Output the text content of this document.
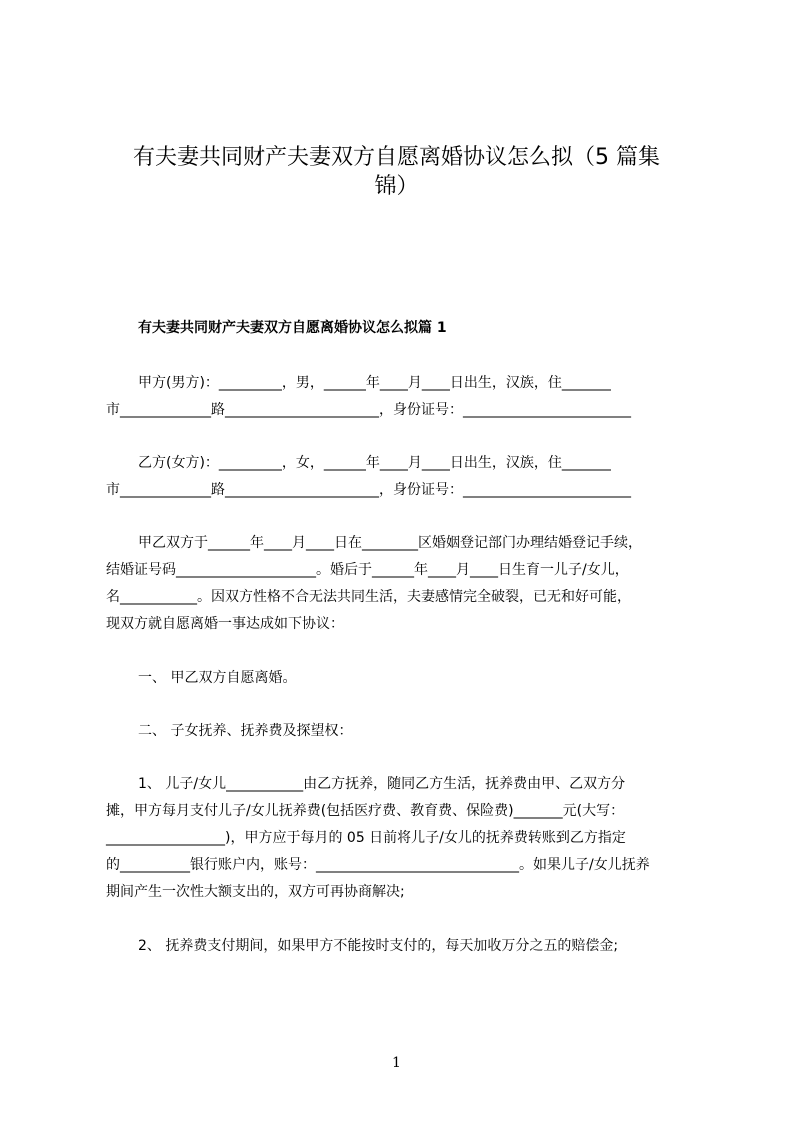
有夫妻共同财产夫妻双方自愿离婚协议怎么拟（5 篇集
锦）
有夫妻共同财产夫妻双方自愿离婚协议怎么拟篇 1
甲方(男方)：_________，男，______年____月____日出生，汉族，住_______
市_____________路______________________，身份证号：________________________
乙方(女方)：_________，女，______年____月____日出生，汉族，住_______
市_____________路______________________，身份证号：________________________
甲乙双方于______年____月____日在________区婚姻登记部门办理结婚登记手续，
结婚证号码____________________。婚后于______年____月____日生育一儿子/女儿，
名___________。因双方性格不合无法共同生活，夫妻感情完全破裂，已无和好可能，
现双方就自愿离婚一事达成如下协议：
一、 甲乙双方自愿离婚。
二、 子女抚养、抚养费及探望权：
1、 儿子/女儿___________由乙方抚养，随同乙方生活，抚养费由甲、乙双方分
摊，甲方每月支付儿子/女儿抚养费(包括医疗费、教育费、保险费)_______元(大写：
_________________)，甲方应于每月的 05 日前将儿子/女儿的抚养费转账到乙方指定
的__________银行账户内，账号：_____________________________。如果儿子/女儿抚养
期间产生一次性大额支出的，双方可再协商解决;
2、 抚养费支付期间，如果甲方不能按时支付的，每天加收万分之五的赔偿金;
1
